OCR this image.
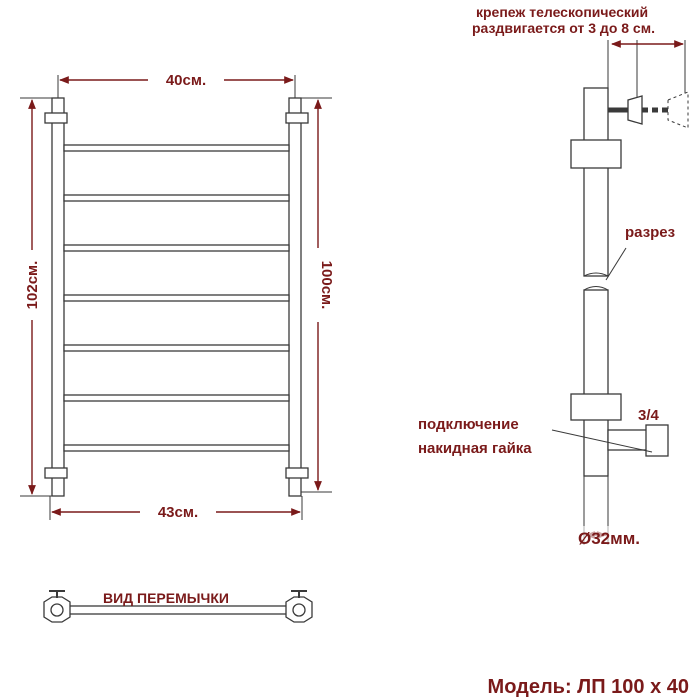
40см.
43см.
102см.	100см.
крепеж телескопический
раздвигается от 3 до 8 см.
разрез
3/4
подключение
накидная гайка
Ø32мм.
ВИД ПЕРЕМЫЧКИ
Модель: ЛП 100 х 40
